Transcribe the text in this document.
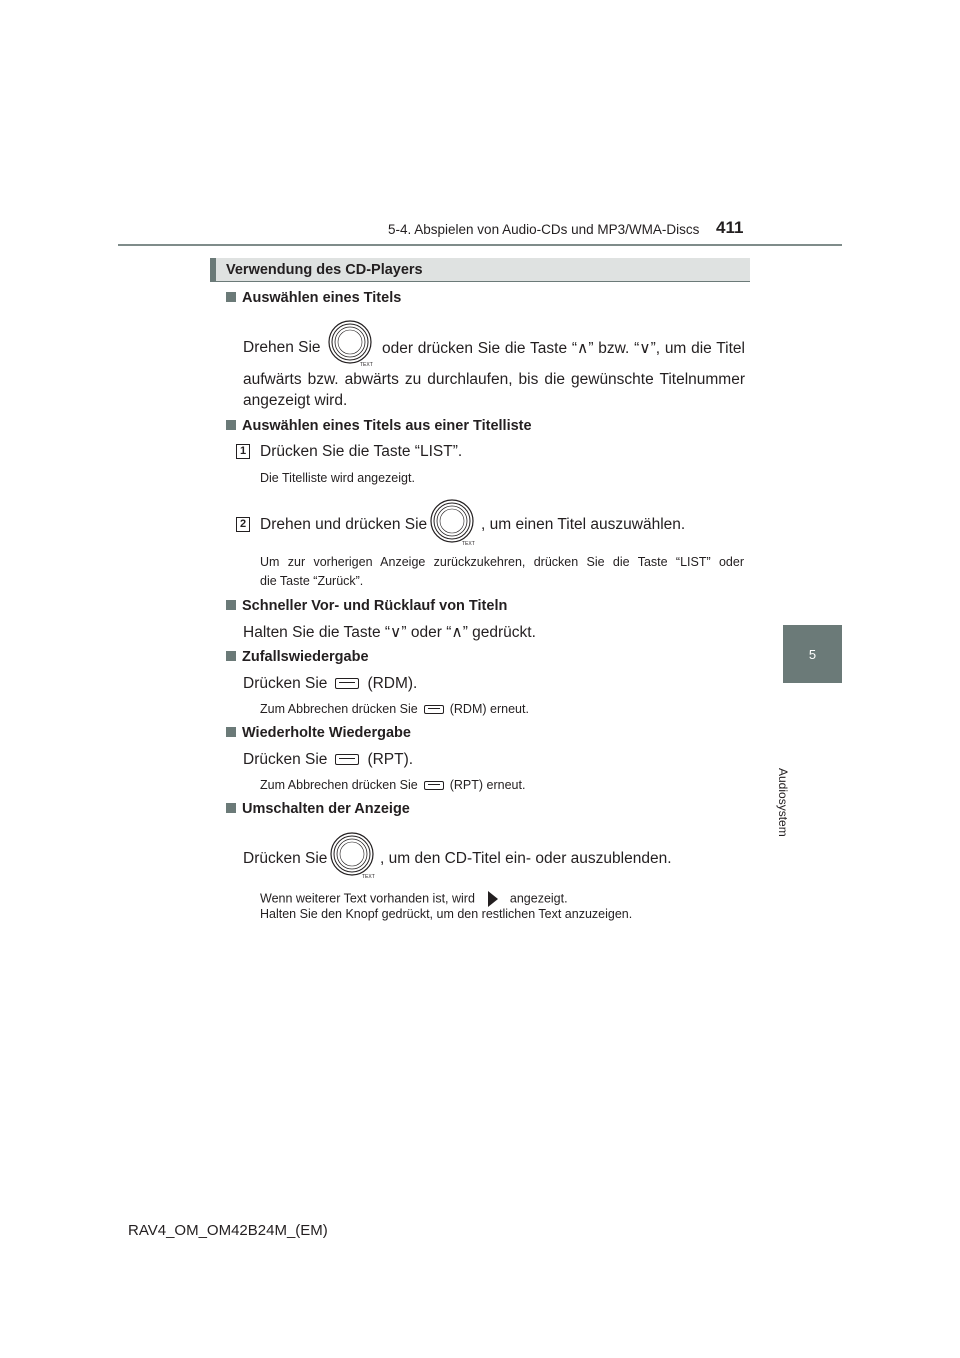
5-4. Abspielen von Audio-CDs und MP3/WMA-Discs 411
5
Audiosystem
Verwendung des CD-Players
Auswählen eines Titels
Drehen Sie
TEXT
oder drücken Sie die Taste “∧” bzw. “∨”, um die Titel
aufwärts bzw. abwärts zu durchlaufen, bis die gewünschte Titelnummer
angezeigt wird.
Auswählen eines Titels aus einer Titelliste
1 Drücken Sie die Taste “LIST”.
Die Titelliste wird angezeigt.
2 Drehen und drücken Sie
TEXT
, um einen Titel auszuwählen.
Um zur vorherigen Anzeige zurückzukehren, drücken Sie die Taste “LIST” oder
die Taste “Zurück”.
Schneller Vor- und Rücklauf von Titeln
Halten Sie die Taste “∨” oder “∧” gedrückt.
Zufallswiedergabe
Drücken Sie	(RDM).
Zum Abbrechen drücken Sie	(RDM) erneut.
Wiederholte Wiedergabe
Drücken Sie	(RPT).
Zum Abbrechen drücken Sie	(RPT) erneut.
Umschalten der Anzeige
Drücken Sie
TEXT
, um den CD-Titel ein- oder auszublenden.
Wenn weiterer Text vorhanden ist, wird	angezeigt.
Halten Sie den Knopf gedrückt, um den restlichen Text anzuzeigen.
RAV4_OM_OM42B24M_(EM)
